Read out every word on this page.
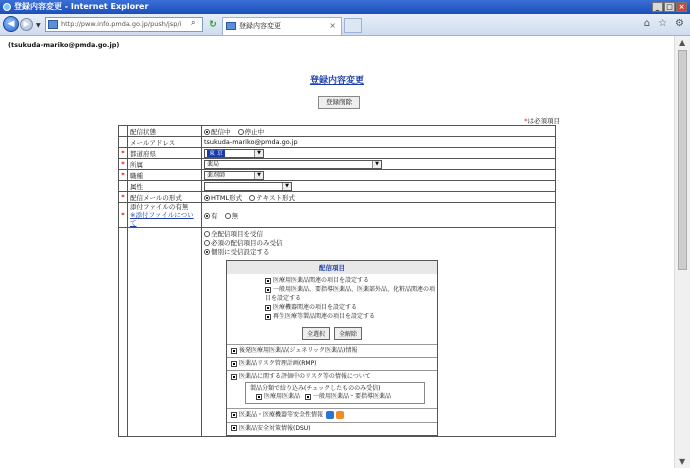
登録内容変更 - Internet Explorer	_ □ ×
◀	▶	▼	http://pww.info.pmda.go.jp/push/jsp/i	⌕ ↻	登録内容変更	×	⌂ ☆ ⚙
▲
▼
(tsukuda-mariko@pmda.go.jp)
登録内容変更
登録削除
*は必須項目
	配信状態	配信中 停止中
	メールアドレス	tsukuda-mariko@pmda.go.jp
*	都道府県	東 京	▼

*	所属	薬局	▼

*	職種	薬剤師	▼

	属性	▼

*	配信メールの形式	HTML形式 テキスト形式
*	添付ファイルの有無
※添付ファイルについて	有 無

全配信項目を受信
必須の配信項目のみ受信
個別に受信設定する
配信項目

医療用医薬品関連の項目を設定する
一般用医薬品、要指導医薬品、医薬部外品、化粧品関連の項目を設定する
医療機器関連の項目を設定する
再生医療等製品関連の項目を設定する

全選択 全解除

後発医療用医薬品(ジェネリック医薬品)情報
医薬品リスク管理計画(RMP)
医薬品に関する評価中のリスク等の情報について
製品分類で絞り込み(チェックしたもののみ受信)
医療用医薬品 一般用医薬品・要指導医薬品
医薬品・医療機器等安全性情報
医薬品安全対策情報(DSU)
